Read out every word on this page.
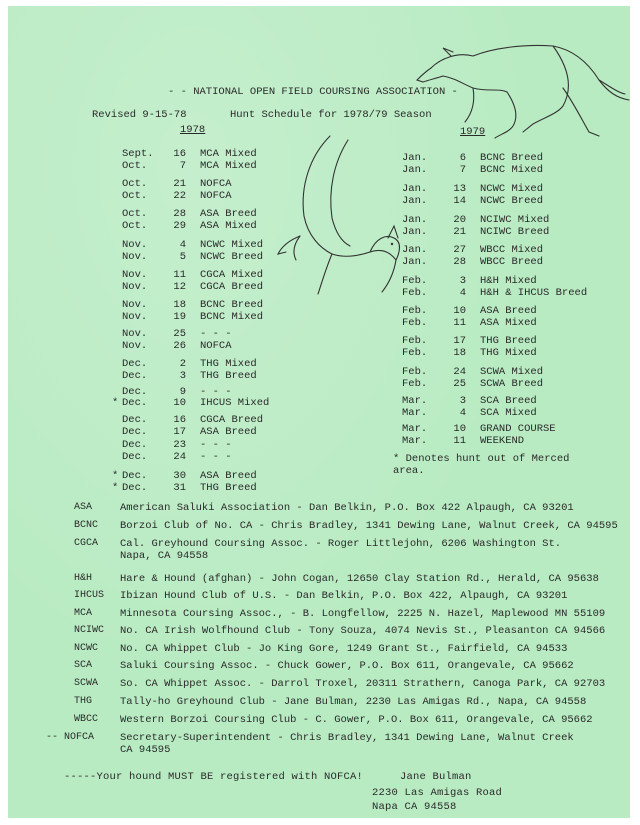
- - NATIONAL OPEN FIELD COURSING ASSOCIATION -
Revised 9-15-78	Hunt Schedule for 1978/79 Season
1978	1979
Sept. 16 MCA Mixed
Oct.	7 MCA Mixed
Oct. 21 NOFCA
Oct. 22 NOFCA
Oct. 28 ASA Breed
Oct. 29 ASA Mixed
Nov.	4 NCWC Mixed
Nov.	5 NCWC Breed
Nov. 11 CGCA Mixed
Nov. 12 CGCA Breed
Nov. 18 BCNC Breed
Nov. 19 BCNC Mixed
Nov. 25 - - -
Nov. 26 NOFCA
Dec.	2 THG Mixed
Dec.	3 THG Breed
Dec.	9 - - -
* Dec. 10 IHCUS Mixed
Dec. 16 CGCA Breed
Dec. 17 ASA Breed
Dec. 23 - - -
Dec. 24 - - -
* Dec. 30 ASA Breed
* Dec. 31 THG Breed
Jan.	6 BCNC Breed
Jan.	7 BCNC Mixed
Jan. 13 NCWC Mixed
Jan. 14 NCWC Breed
Jan. 20 NCIWC Mixed
Jan. 21 NCIWC Breed
Jan. 27 WBCC Mixed
Jan. 28 WBCC Breed
Feb.	3 H&H Mixed
Feb.	4 H&H & IHCUS Breed
Feb. 10 ASA Breed
Feb. 11 ASA Mixed
Feb. 17 THG Breed
Feb. 18 THG Mixed
Feb. 24 SCWA Mixed
Feb. 25 SCWA Breed
Mar.	3 SCA Breed
Mar.	4 SCA Mixed
Mar. 10 GRAND COURSE
Mar. 11 WEEKEND
* Denotes hunt out of Merced area.
ASA	American Saluki Association - Dan Belkin, P.O. Box 422 Alpaugh, CA 93201
BCNC Borzoi Club of No. CA - Chris Bradley, 1341 Dewing Lane, Walnut Creek, CA 94595
CGCA Cal. Greyhound Coursing Assoc. - Roger Littlejohn, 6206 Washington St.
Napa, CA 94558
H&H	Hare & Hound (afghan) - John Cogan, 12650 Clay Station Rd., Herald, CA 95638
IHCUS Ibizan Hound Club of U.S. - Dan Belkin, P.O. Box 422, Alpaugh, CA 93201
MCA	Minnesota Coursing Assoc., - B. Longfellow, 2225 N. Hazel, Maplewood MN 55109
NCIWC No. CA Irish Wolfhound Club - Tony Souza, 4074 Nevis St., Pleasanton CA 94566
NCWC No. CA Whippet Club - Jo King Gore, 1249 Grant St., Fairfield, CA 94533
SCA	Saluki Coursing Assoc. - Chuck Gower, P.O. Box 611, Orangevale, CA 95662
SCWA So. CA Whippet Assoc. - Darrol Troxel, 20311 Strathern, Canoga Park, CA 92703
THG	Tally-ho Greyhound Club - Jane Bulman, 2230 Las Amigas Rd., Napa, CA 94558
WBCC Western Borzoi Coursing Club - C. Gower, P.O. Box 611, Orangevale, CA 95662
-- NOFCA Secretary-Superintendent - Chris Bradley, 1341 Dewing Lane, Walnut Creek
CA 94595
-----Your hound MUST BE registered with NOFCA!	Jane Bulman
2230 Las Amigas Road
Napa CA 94558
